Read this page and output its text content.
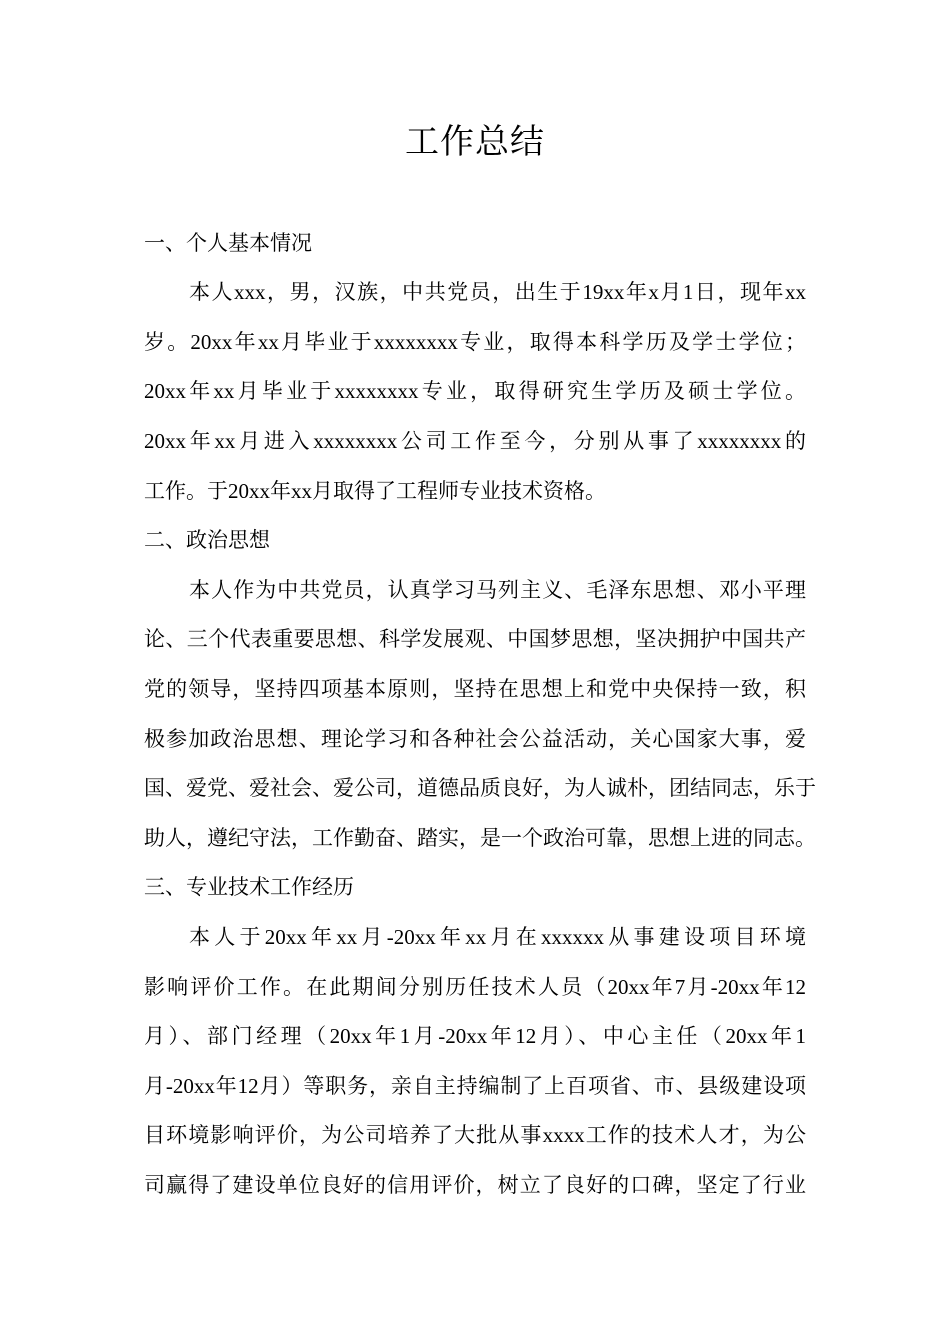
工作总结
一、个人基本情况
本人xxx，男，汉族，中共党员，出生于19xx年x月1日，现年xx
岁。20xx年xx月毕业于xxxxxxxx专业，取得本科学历及学士学位；
20xx年xx月毕业于xxxxxxxx专业，取得研究生学历及硕士学位。
20xx年xx月进入xxxxxxxx公司工作至今，分别从事了xxxxxxxx的
工作。于20xx年xx月取得了工程师专业技术资格。
二、政治思想
本人作为中共党员，认真学习马列主义、毛泽东思想、邓小平理
论、三个代表重要思想、科学发展观、中国梦思想，坚决拥护中国共产
党的领导，坚持四项基本原则，坚持在思想上和党中央保持一致，积
极参加政治思想、理论学习和各种社会公益活动，关心国家大事，爱
国、爱党、爱社会、爱公司，道德品质良好，为人诚朴，团结同志，乐于
助人，遵纪守法，工作勤奋、踏实，是一个政治可靠，思想上进的同志。
三、专业技术工作经历
本人于20xx年xx月-20xx年xx月在xxxxxx从事建设项目环境
影响评价工作。在此期间分别历任技术人员（20xx年7月-20xx年12
月）、部门经理（20xx年1月-20xx年12月）、中心主任（20xx年1
月-20xx年12月）等职务，亲自主持编制了上百项省、市、县级建设项
目环境影响评价，为公司培养了大批从事xxxx工作的技术人才，为公
司赢得了建设单位良好的信用评价，树立了良好的口碑，坚定了行业
